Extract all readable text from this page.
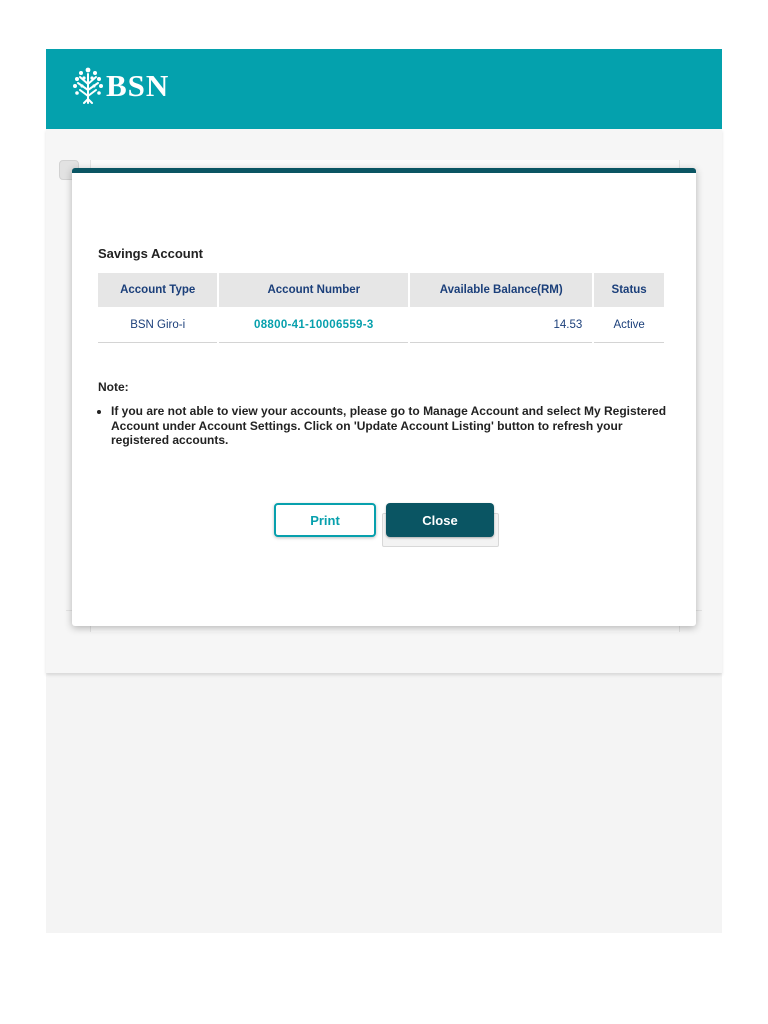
BSN
Savings Account
Account Type	Account Number	Available Balance(RM)	Status
BSN Giro-i	08800-41-10006559-3	14.53	Active
Note:
• If you are not able to view your accounts, please go to Manage Account and select My Registered
Account under Account Settings. Click on 'Update Account Listing' button to refresh your registered accounts.
Print	Close
